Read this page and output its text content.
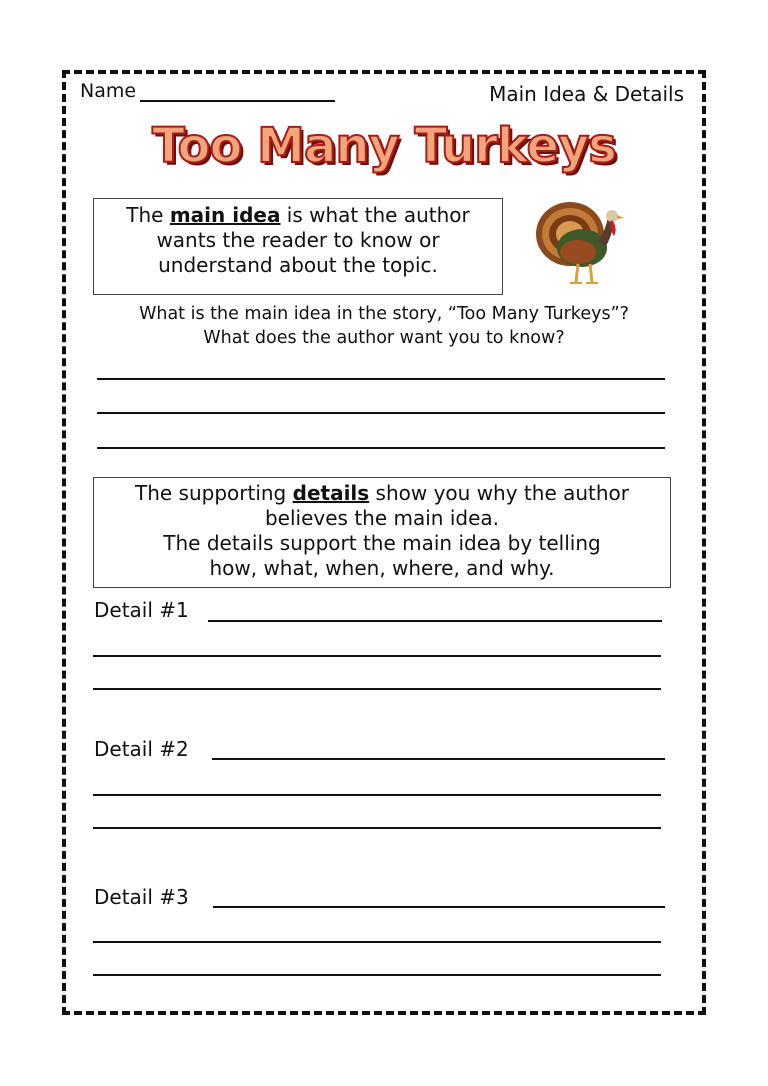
Name	Main Idea & Details
Too Many Turkeys
The main idea is what the author
wants the reader to know or
understand about the topic.
What is the main idea in the story, “Too Many Turkeys”?
What does the author want you to know?
The supporting details show you why the author
believes the main idea.
The details support the main idea by telling
how, what, when, where, and why.
Detail #1
Detail #2
Detail #3
